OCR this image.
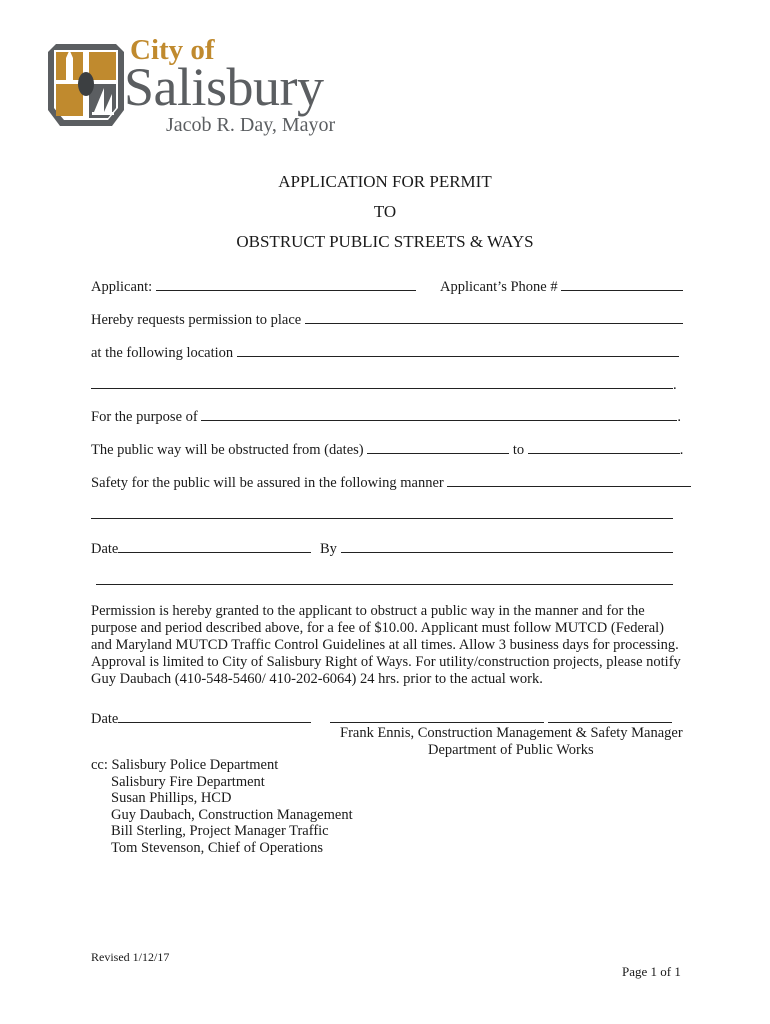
City of
Salisbury
Jacob R. Day, Mayor
APPLICATION FOR PERMIT
TO
OBSTRUCT PUBLIC STREETS & WAYS
Applicant:	Applicant’s Phone #
Hereby requests permission to place
at the following location
.
For the purpose of	.
The public way will be obstructed from (dates)	to	.
Safety for the public will be assured in the following manner
Date	By
Permission is hereby granted to the applicant to obstruct a public way in the manner and for the purpose and period described above, for a fee of $10.00. Applicant must follow MUTCD (Federal) and Maryland MUTCD Traffic Control Guidelines at all times. Allow 3 business days for processing. Approval is limited to City of Salisbury Right of Ways. For utility/construction projects, please notify Guy Daubach (410-548-5460/ 410-202-6064) 24 hrs. prior to the actual work.
Date

Frank Ennis, Construction Management & Safety Manager
Department of Public Works
cc: Salisbury Police Department
Salisbury Fire Department
Susan Phillips, HCD
Guy Daubach, Construction Management
Bill Sterling, Project Manager Traffic
Tom Stevenson, Chief of Operations
Revised 1/12/17
Page 1 of 1
